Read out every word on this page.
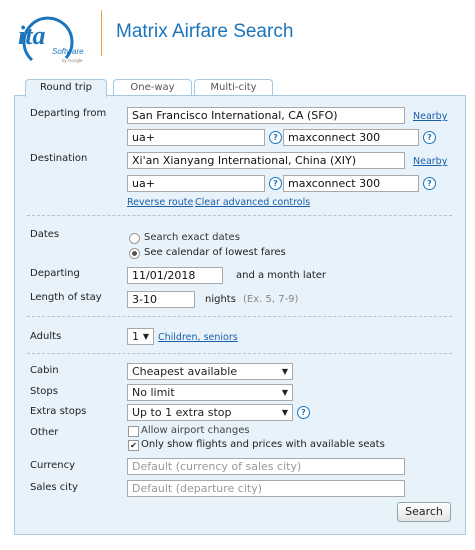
ita
Software
by Google
Matrix Airfare Search
Round trip	One-way	Multi-city
Departing from	San Francisco International, CA (SFO)	Nearby
ua+	? maxconnect 300	?
Destination	Xi'an Xianyang International, China (XIY)	Nearby
ua+	? maxconnect 300	?
Reverse route Clear advanced controls
Dates	Search exact dates
See calendar of lowest fares
Departing	11/01/2018	and a month later
Length of stay	3-10	nights (Ex. 5, 7-9)
Adults	1 ▼ Children, seniors
Cabin	Cheapest available	▼
Stops	No limit	▼
Extra stops	Up to 1 extra stop	▼	?
Other	Allow airport changes
✔ Only show flights and prices with available seats
Currency	Default (currency of sales city)
Sales city	Default (departure city)
Search
